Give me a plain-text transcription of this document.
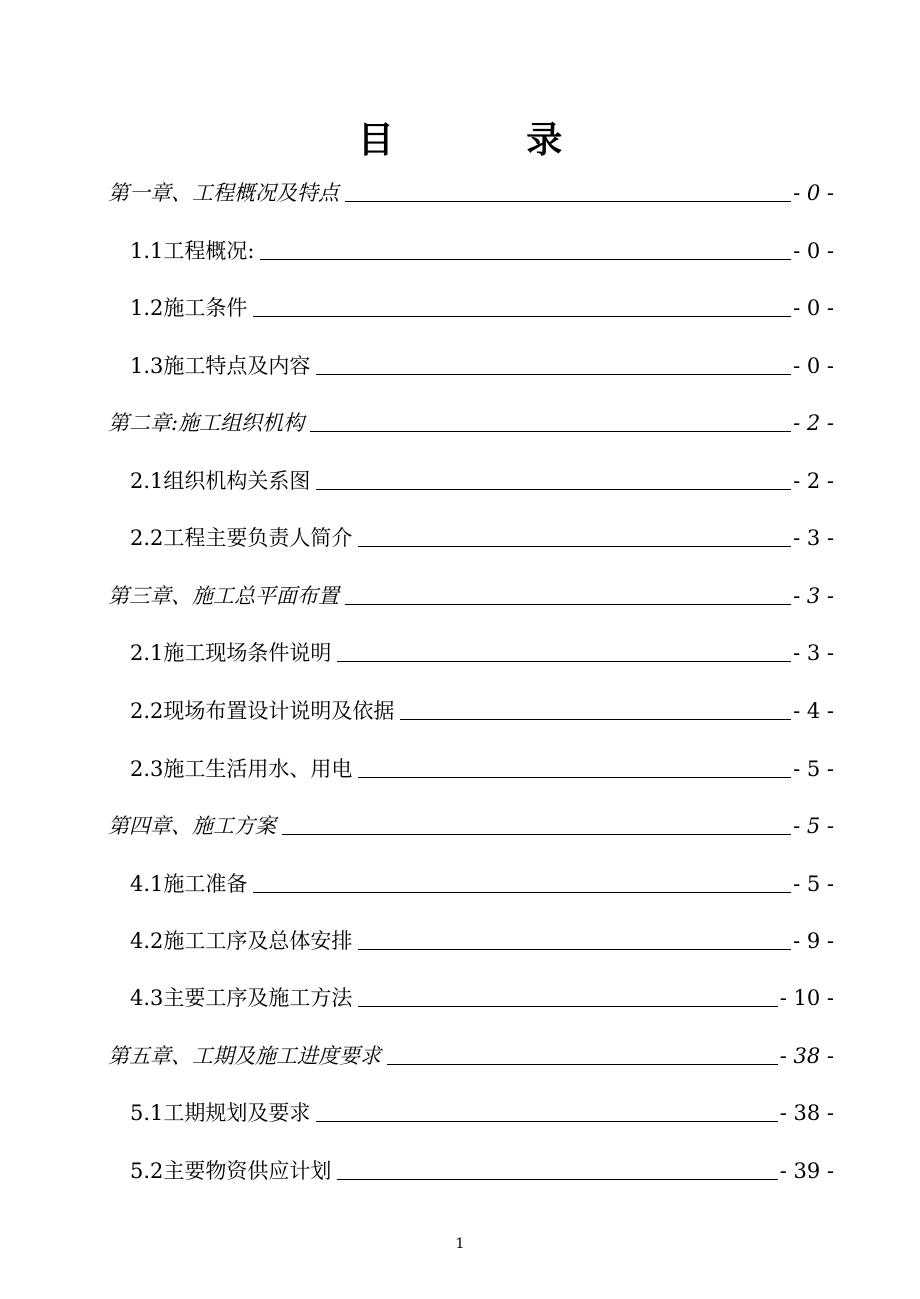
目 录
第一章、工程概况及特点	- 0 -
1.1工程概况:	- 0 -
1.2施工条件	- 0 -
1.3施工特点及内容	- 0 -
第二章:施工组织机构	- 2 -
2.1组织机构关系图	- 2 -
2.2工程主要负责人简介	- 3 -
第三章、施工总平面布置	- 3 -
2.1施工现场条件说明	- 3 -
2.2现场布置设计说明及依据	- 4 -
2.3施工生活用水、用电	- 5 -
第四章、施工方案	- 5 -
4.1施工准备	- 5 -
4.2施工工序及总体安排	- 9 -
4.3主要工序及施工方法	- 10 -
第五章、工期及施工进度要求	- 38 -
5.1工期规划及要求	- 38 -
5.2主要物资供应计划	- 39 -
1
